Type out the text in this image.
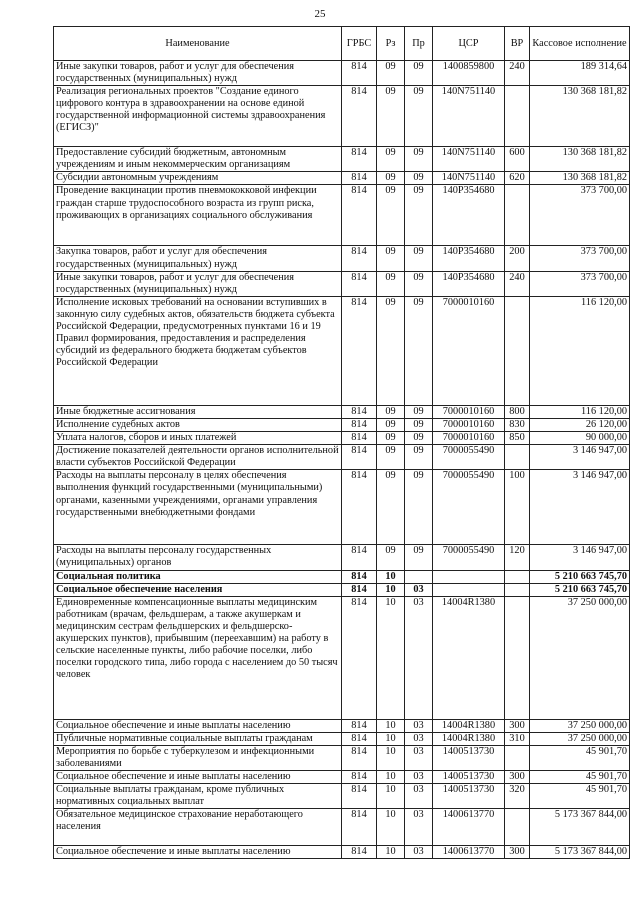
25
Наименование	ГРБС	Рз	Пр	ЦСР	ВР	Кассовое исполнение
Иные закупки товаров, работ и услуг для обеспечения государственных (муниципальных) нужд	814	09	09	1400859800	240	189 314,64
Реализация региональных проектов "Создание единого цифрового контура в здравоохранении на основе единой государственной информационной системы здравоохранения (ЕГИСЗ)"	814	09	09	140N751140		130 368 181,82
Предоставление субсидий бюджетным, автономным учреждениям и иным некоммерческим организациям	814	09	09	140N751140	600	130 368 181,82
Субсидии автономным учреждениям	814	09	09	140N751140	620	130 368 181,82
Проведение вакцинации против пневмококковой инфекции граждан старше трудоспособного возраста из групп риска, проживающих в организациях социального обслуживания	814	09	09	140P354680		373 700,00
Закупка товаров, работ и услуг для обеспечения государственных (муниципальных) нужд	814	09	09	140P354680	200	373 700,00
Иные закупки товаров, работ и услуг для обеспечения государственных (муниципальных) нужд	814	09	09	140P354680	240	373 700,00
Исполнение исковых требований на основании вступивших в законную силу судебных актов, обязательств бюджета субъекта Российской Федерации, предусмотренных пунктами 16 и 19 Правил формирования, предоставления и распределения субсидий из федерального бюджета бюджетам субъектов Российской Федерации	814	09	09	7000010160		116 120,00
Иные бюджетные ассигнования	814	09	09	7000010160	800	116 120,00
Исполнение судебных актов	814	09	09	7000010160	830	26 120,00
Уплата налогов, сборов и иных платежей	814	09	09	7000010160	850	90 000,00
Достижение показателей деятельности органов исполнительной власти субъектов Российской Федерации	814	09	09	7000055490		3 146 947,00
Расходы на выплаты персоналу в целях обеспечения выполнения функций государственными (муниципальными) органами, казенными учреждениями, органами управления государственными внебюджетными фондами	814	09	09	7000055490	100	3 146 947,00
Расходы на выплаты персоналу государственных (муниципальных) органов	814	09	09	7000055490	120	3 146 947,00
Социальная политика	814	10				5 210 663 745,70
Социальное обеспечение населения	814	10	03			5 210 663 745,70
Единовременные компенсационные выплаты медицинским работникам (врачам, фельдшерам, а также акушеркам и медицинским сестрам фельдшерских и фельдшерско-акушерских пунктов), прибывшим (переехавшим) на работу в сельские населенные пункты, либо рабочие поселки, либо поселки городского типа, либо города с населением до 50 тысяч человек	814	10	03	14004R1380		37 250 000,00
Социальное обеспечение и иные выплаты населению	814	10	03	14004R1380	300	37 250 000,00
Публичные нормативные социальные выплаты гражданам	814	10	03	14004R1380	310	37 250 000,00
Мероприятия по борьбе с туберкулезом и инфекционными заболеваниями	814	10	03	1400513730		45 901,70
Социальное обеспечение и иные выплаты населению	814	10	03	1400513730	300	45 901,70
Социальные выплаты гражданам, кроме публичных нормативных социальных выплат	814	10	03	1400513730	320	45 901,70
Обязательное медицинское страхование неработающего населения	814	10	03	1400613770		5 173 367 844,00
Социальное обеспечение и иные выплаты населению	814	10	03	1400613770	300	5 173 367 844,00
